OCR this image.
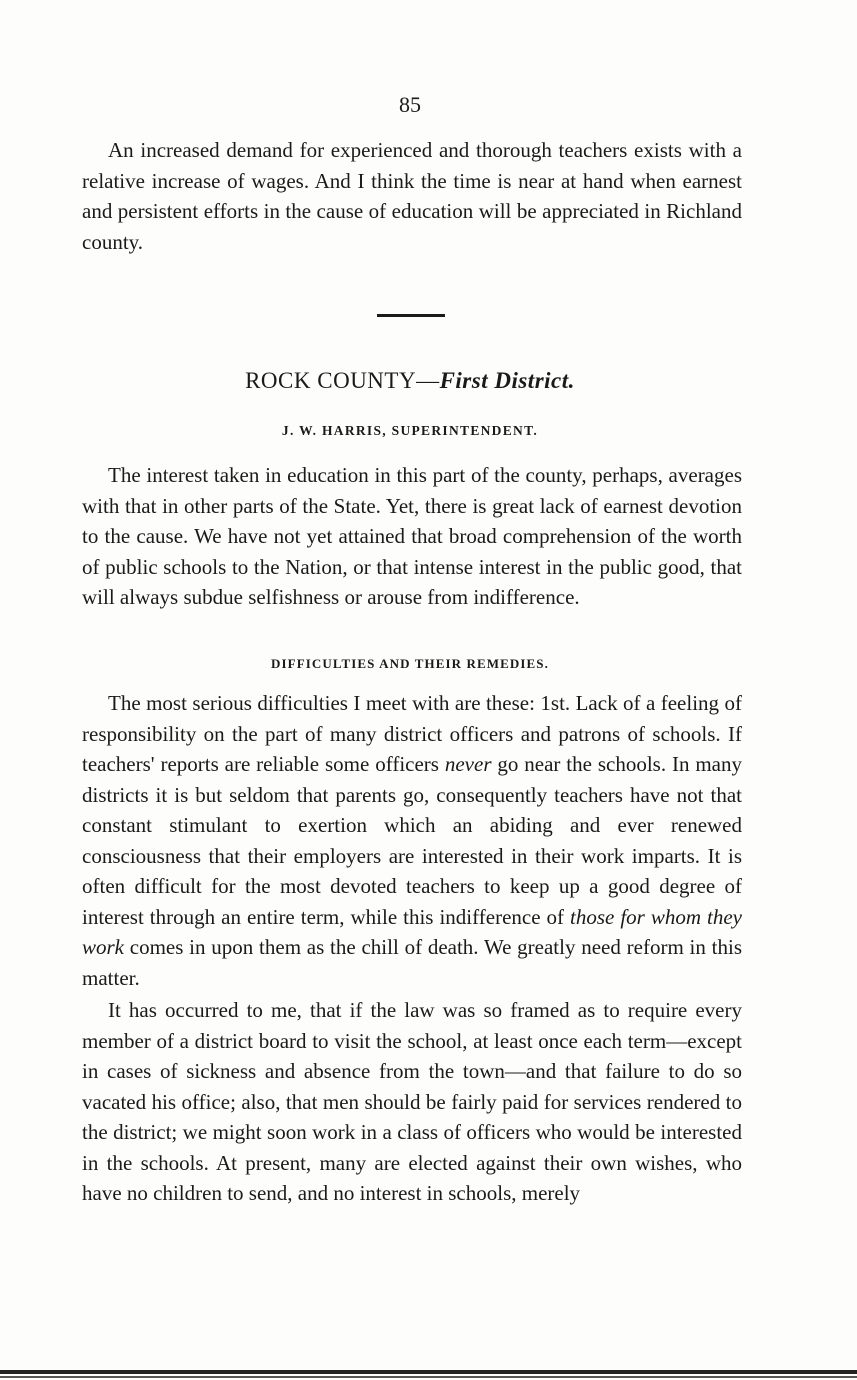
85

An increased demand for experienced and thorough teachers exists with a relative increase of wages. And I think the time is near at hand when earnest and persistent efforts in the cause of education will be appreciated in Richland county.

ROCK COUNTY—First District.
J. W. HARRIS, SUPERINTENDENT.

The interest taken in education in this part of the county, perhaps, averages with that in other parts of the State. Yet, there is great lack of earnest devotion to the cause. We have not yet attained that broad comprehension of the worth of public schools to the Nation, or that intense interest in the public good, that will always subdue selfishness or arouse from indifference.

DIFFICULTIES AND THEIR REMEDIES.

The most serious difficulties I meet with are these: 1st. Lack of a feeling of responsibility on the part of many district officers and patrons of schools. If teachers' reports are reliable some officers never go near the schools. In many districts it is but seldom that parents go, consequently teachers have not that constant stimulant to exertion which an abiding and ever renewed consciousness that their employers are interested in their work imparts. It is often difficult for the most devoted teachers to keep up a good degree of interest through an entire term, while this indifference of those for whom they work comes in upon them as the chill of death. We greatly need reform in this matter.

It has occurred to me, that if the law was so framed as to require every member of a district board to visit the school, at least once each term—except in cases of sickness and absence from the town—and that failure to do so vacated his office; also, that men should be fairly paid for services rendered to the district; we might soon work in a class of officers who would be interested in the schools. At present, many are elected against their own wishes, who have no children to send, and no interest in schools, merely
